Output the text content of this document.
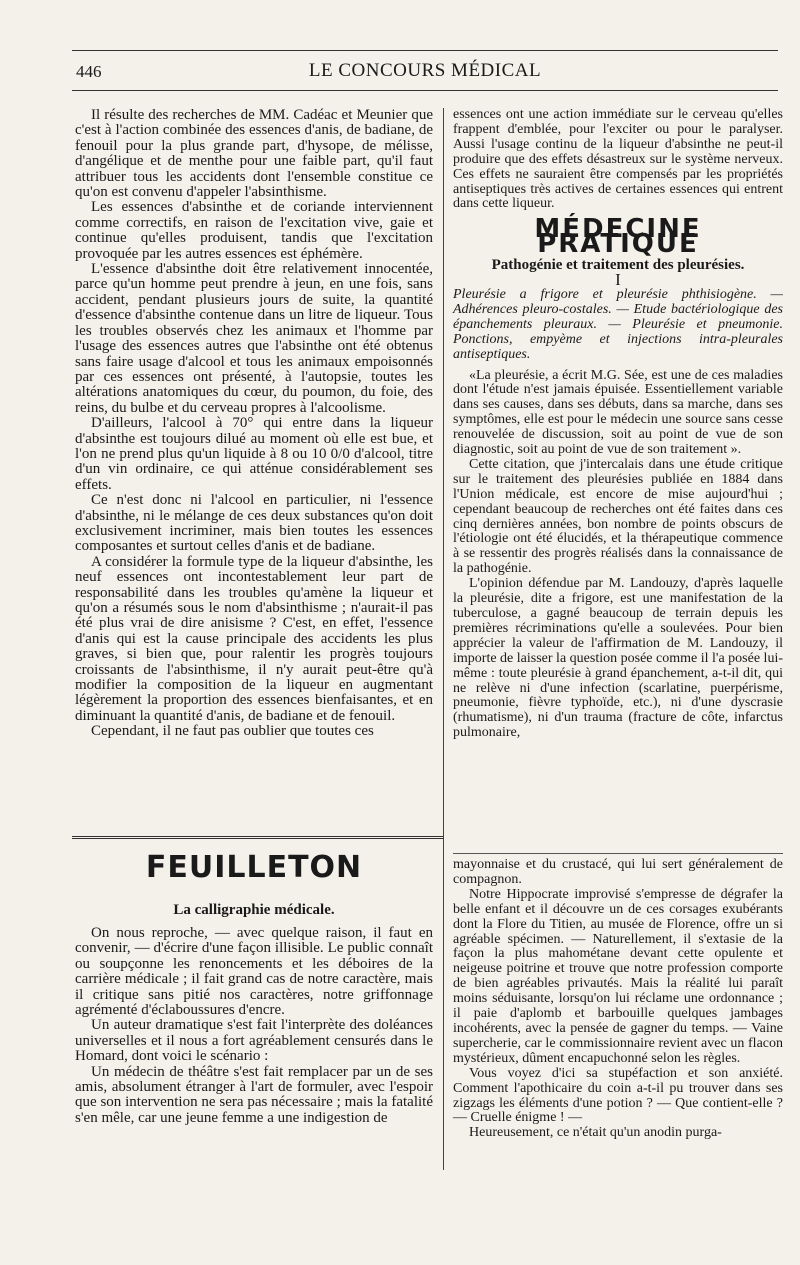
446	LE CONCOURS MÉDICAL

Il résulte des recherches de MM. Cadéac et Meunier que c'est à l'action combinée des essences d'anis, de badiane, de fenouil pour la plus grande part, d'hysope, de mélisse, d'angélique et de menthe pour une faible part, qu'il faut attribuer tous les accidents dont l'ensemble constitue ce qu'on est convenu d'appeler l'absinthisme.

Les essences d'absinthe et de coriande interviennent comme correctifs, en raison de l'excitation vive, gaie et continue qu'elles produisent, tandis que l'excitation provoquée par les autres essences est éphémère.

L'essence d'absinthe doit être relativement innocentée, parce qu'un homme peut prendre à jeun, en une fois, sans accident, pendant plusieurs jours de suite, la quantité d'essence d'absinthe contenue dans un litre de liqueur. Tous les troubles observés chez les animaux et l'homme par l'usage des essences autres que l'absinthe ont été obtenus sans faire usage d'alcool et tous les animaux empoisonnés par ces essences ont présenté, à l'autopsie, toutes les altérations anatomiques du cœur, du poumon, du foie, des reins, du bulbe et du cerveau propres à l'alcoolisme.

D'ailleurs, l'alcool à 70° qui entre dans la liqueur d'absinthe est toujours dilué au moment où elle est bue, et l'on ne prend plus qu'un liquide à 8 ou 10 0/0 d'alcool, titre d'un vin ordinaire, ce qui atténue considérablement ses effets.

Ce n'est donc ni l'alcool en particulier, ni l'essence d'absinthe, ni le mélange de ces deux substances qu'on doit exclusivement incriminer, mais bien toutes les essences composantes et surtout celles d'anis et de badiane.

A considérer la formule type de la liqueur d'absinthe, les neuf essences ont incontestablement leur part de responsabilité dans les troubles qu'amène la liqueur et qu'on a résumés sous le nom d'absinthisme ; n'aurait-il pas été plus vrai de dire anisisme ? C'est, en effet, l'essence d'anis qui est la cause principale des accidents les plus graves, si bien que, pour ralentir les progrès toujours croissants de l'absinthisme, il n'y aurait peut-être qu'à modifier la composition de la liqueur en augmentant légèrement la proportion des essences bienfaisantes, et en diminuant la quantité d'anis, de badiane et de fenouil.

Cependant, il ne faut pas oublier que toutes ces

essences ont une action immédiate sur le cerveau qu'elles frappent d'emblée, pour l'exciter ou pour le paralyser. Aussi l'usage continu de la liqueur d'absinthe ne peut-il produire que des effets désastreux sur le système nerveux. Ces effets ne sauraient être compensés par les propriétés antiseptiques très actives de certaines essences qui entrent dans cette liqueur.

MÉDECINE PRATIQUE

Pathogénie et traitement des pleurésies.

I

Pleurésie a frigore et pleurésie phthisiogène. — Adhérences pleuro-costales. — Etude bactériologique des épanchements pleuraux. — Pleurésie et pneumonie. Ponctions, empyème et injections intra-pleurales antiseptiques.

«La pleurésie, a écrit M.G. Sée, est une de ces maladies dont l'étude n'est jamais épuisée. Essentiellement variable dans ses causes, dans ses débuts, dans sa marche, dans ses symptômes, elle est pour le médecin une source sans cesse renouvelée de discussion, soit au point de vue de son diagnostic, soit au point de vue de son traitement ».

Cette citation, que j'intercalais dans une étude critique sur le traitement des pleurésies publiée en 1884 dans l'Union médicale, est encore de mise aujourd'hui ; cependant beaucoup de recherches ont été faites dans ces cinq dernières années, bon nombre de points obscurs de l'étiologie ont été élucidés, et la thérapeutique commence à se ressentir des progrès réalisés dans la connaissance de la pathogénie.

L'opinion défendue par M. Landouzy, d'après laquelle la pleurésie, dite a frigore, est une manifestation de la tuberculose, a gagné beaucoup de terrain depuis les premières récriminations qu'elle a soulevées. Pour bien apprécier la valeur de l'affirmation de M. Landouzy, il importe de laisser la question posée comme il l'a posée lui-même : toute pleurésie à grand épanchement, a-t-il dit, qui ne relève ni d'une infection (scarlatine, puerpérisme, pneumonie, fièvre typhoïde, etc.), ni d'une dyscrasie (rhumatisme), ni d'un trauma (fracture de côte, infarctus pulmonaire,

FEUILLETON
La calligraphie médicale.

On nous reproche, — avec quelque raison, il faut en convenir, — d'écrire d'une façon illisible. Le public connaît ou soupçonne les renoncements et les déboires de la carrière médicale ; il fait grand cas de notre caractère, mais il critique sans pitié nos caractères, notre griffonnage agrémenté d'éclaboussures d'encre.

Un auteur dramatique s'est fait l'interprète des doléances universelles et il nous a fort agréablement censurés dans le Homard, dont voici le scénario :

Un médecin de théâtre s'est fait remplacer par un de ses amis, absolument étranger à l'art de formuler, avec l'espoir que son intervention ne sera pas nécessaire ; mais la fatalité s'en mêle, car une jeune femme a une indigestion de

mayonnaise et du crustacé, qui lui sert généralement de compagnon.

Notre Hippocrate improvisé s'empresse de dégrafer la belle enfant et il découvre un de ces corsages exubérants dont la Flore du Titien, au musée de Florence, offre un si agréable spécimen. — Naturellement, il s'extasie de la façon la plus mahométane devant cette opulente et neigeuse poitrine et trouve que notre profession comporte de bien agréables privautés. Mais la réalité lui paraît moins séduisante, lorsqu'on lui réclame une ordonnance ; il paie d'aplomb et barbouille quelques jambages incohérents, avec la pensée de gagner du temps. — Vaine supercherie, car le commissionnaire revient avec un flacon mystérieux, dûment encapuchonné selon les règles.

Vous voyez d'ici sa stupéfaction et son anxiété. Comment l'apothicaire du coin a-t-il pu trouver dans ses zigzags les éléments d'une potion ? — Que contient-elle ? — Cruelle énigme ! —

Heureusement, ce n'était qu'un anodin purga-
